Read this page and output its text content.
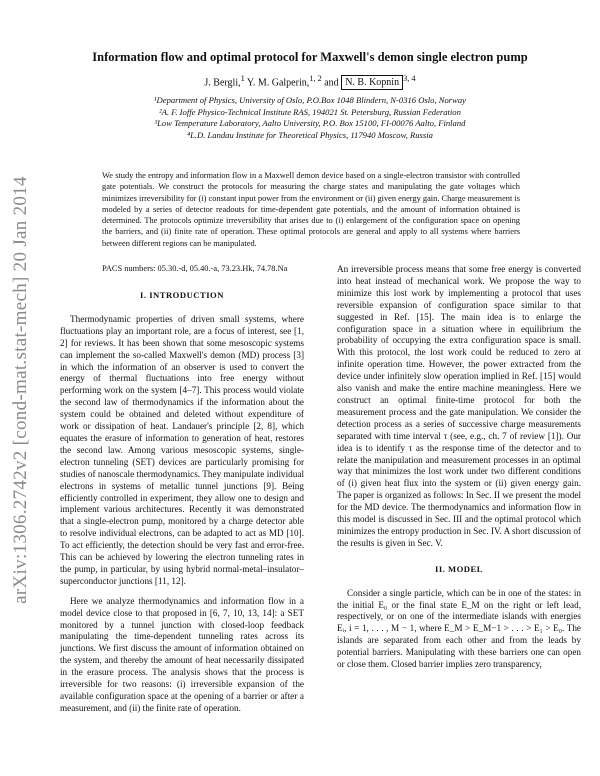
arXiv:1306.2742v2 [cond-mat.stat-mech] 20 Jan 2014
Information flow and optimal protocol for Maxwell's demon single electron pump
J. Bergli,$^1$ Y. M. Galperin,$^{1, 2}$ and N. B. Kopnin $^{3, 4}$
¹Department of Physics, University of Oslo, P.O.Box 1048 Blindern, N-0316 Oslo, Norway
²A. F. Ioffe Physico-Technical Institute RAS, 194021 St. Petersburg, Russian Federation
³Low Temperature Laboratory, Aalto University, P.O. Box 15100, FI-00076 Aalto, Finland
⁴L.D. Landau Institute for Theoretical Physics, 117940 Moscow, Russia
We study the entropy and information flow in a Maxwell demon device based on a single-electron transistor with controlled gate potentials. We construct the protocols for measuring the charge states and manipulating the gate voltages which minimizes irreversibility for (i) constant input power from the environment or (ii) given energy gain. Charge measurement is modeled by a series of detector readouts for time-dependent gate potentials, and the amount of information obtained is determined. The protocols optimize irreversibility that arises due to (i) enlargement of the configuration space on opening the barriers, and (ii) finite rate of operation. These optimal protocols are general and apply to all systems where barriers between different regions can be manipulated.
PACS numbers: 05.30.-d, 05.40.-a, 73.23.Hk, 74.78.Na
I. INTRODUCTION

Thermodynamic properties of driven small systems, where fluctuations play an important role, are a focus of interest, see [1, 2] for reviews. It has been shown that some mesoscopic systems can implement the so-called Maxwell's demon (MD) process [3] in which the information of an observer is used to convert the energy of thermal fluctuations into free energy without performing work on the system [4–7]. This process would violate the second law of thermodynamics if the information about the system could be obtained and deleted without expenditure of work or dissipation of heat. Landauer's principle [2, 8], which equates the erasure of information to generation of heat, restores the second law. Among various mesoscopic systems, single-electron tunneling (SET) devices are particularly promising for studies of nanoscale thermodynamics. They manipulate individual electrons in systems of metallic tunnel junctions [9]. Being efficiently controlled in experiment, they allow one to design and implement various architectures. Recently it was demonstrated that a single-electron pump, monitored by a charge detector able to resolve individual electrons, can be adapted to act as MD [10]. To act efficiently, the detection should be very fast and error-free. This can be achieved by lowering the electron tunneling rates in the pump, in particular, by using hybrid normal-metal–insulator–superconductor junctions [11, 12].

Here we analyze thermodynamics and information flow in a model device close to that proposed in [6, 7, 10, 13, 14]: a SET monitored by a tunnel junction with closed-loop feedback manipulating the time-dependent tunneling rates across its junctions. We first discuss the amount of information obtained on the system, and thereby the amount of heat necessarily dissipated in the erasure process. The analysis shows that the process is irreversible for two reasons: (i) irreversible expansion of the available configuration space at the opening of a barrier or after a measurement, and (ii) the finite rate of operation.

An irreversible process means that some free energy is converted into heat instead of mechanical work. We propose the way to minimize this lost work by implementing a protocol that uses reversible expansion of configuration space similar to that suggested in Ref. [15]. The main idea is to enlarge the configuration space in a situation where in equilibrium the probability of occupying the extra configuration space is small. With this protocol, the lost work could be reduced to zero at infinite operation time. However, the power extracted from the device under infinitely slow operation implied in Ref. [15] would also vanish and make the entire machine meaningless. Here we construct an optimal finite-time protocol for both the measurement process and the gate manipulation. We consider the detection process as a series of successive charge measurements separated with time interval τ (see, e.g., ch. 7 of review [1]). Our idea is to identify τ as the response time of the detector and to relate the manipulation and measurement processes in an optimal way that minimizes the lost work under two different conditions of (i) given heat flux into the system or (ii) given energy gain. The paper is organized as follows: In Sec. II we present the model for the MD device. The thermodynamics and information flow in this model is discussed in Sec. III and the optimal protocol which minimizes the entropy production in Sec. IV. A short discussion of the results is given in Sec. V.

II. MODEL

Consider a single particle, which can be in one of the states: in the initial E₀ or the final state E_M on the right or left lead, respectively, or on one of the intermediate islands with energies Eᵢ, i = 1, . . . , M − 1, where E_M > E_M−1 > . . . > E₁ > E₀. The islands are separated from each other and from the leads by potential barriers. Manipulating with these barriers one can open or close them. Closed barrier implies zero transparency,
